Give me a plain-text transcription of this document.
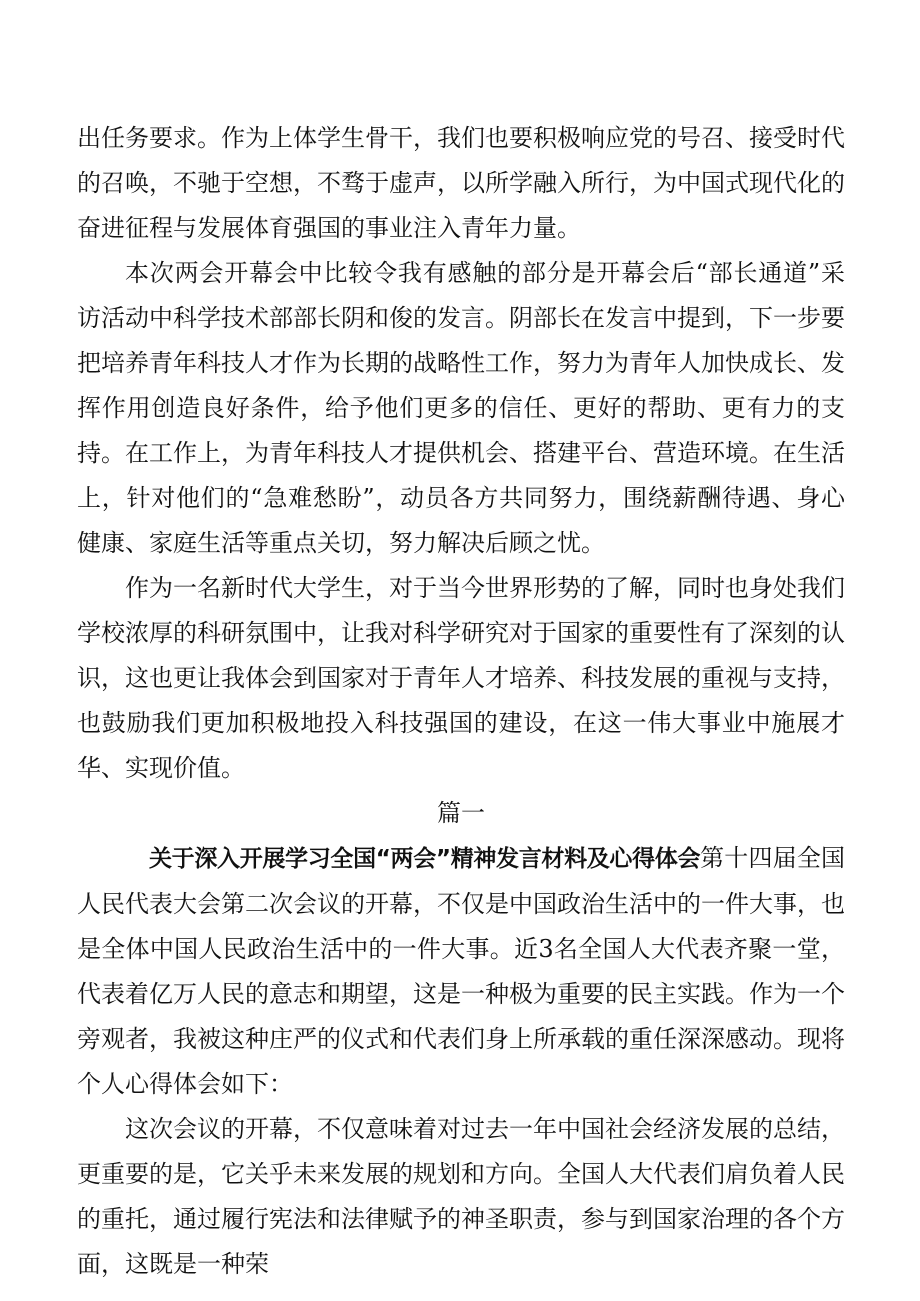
出任务要求。作为上体学生骨干，我们也要积极响应党的号召、接受时代的召唤，不驰于空想，不骛于虚声，以所学融入所行，为中国式现代化的奋进征程与发展体育强国的事业注入青年力量。

本次两会开幕会中比较令我有感触的部分是开幕会后“部长通道”采访活动中科学技术部部长阴和俊的发言。阴部长在发言中提到，下一步要把培养青年科技人才作为长期的战略性工作，努力为青年人加快成长、发挥作用创造良好条件，给予他们更多的信任、更好的帮助、更有力的支持。在工作上，为青年科技人才提供机会、搭建平台、营造环境。在生活上，针对他们的“急难愁盼”，动员各方共同努力，围绕薪酬待遇、身心健康、家庭生活等重点关切，努力解决后顾之忧。

作为一名新时代大学生，对于当今世界形势的了解，同时也身处我们学校浓厚的科研氛围中，让我对科学研究对于国家的重要性有了深刻的认识，这也更让我体会到国家对于青年人才培养、科技发展的重视与支持，也鼓励我们更加积极地投入科技强国的建设，在这一伟大事业中施展才华、实现价值。

篇一

关于深入开展学习全国“两会”精神发言材料及心得体会第十四届全国人民代表大会第二次会议的开幕，不仅是中国政治生活中的一件大事，也是全体中国人民政治生活中的一件大事。近3名全国人大代表齐聚一堂，代表着亿万人民的意志和期望，这是一种极为重要的民主实践。作为一个旁观者，我被这种庄严的仪式和代表们身上所承载的重任深深感动。现将个人心得体会如下：

这次会议的开幕，不仅意味着对过去一年中国社会经济发展的总结，更重要的是，它关乎未来发展的规划和方向。全国人大代表们肩负着人民的重托，通过履行宪法和法律赋予的神圣职责，参与到国家治理的各个方面，这既是一种荣
